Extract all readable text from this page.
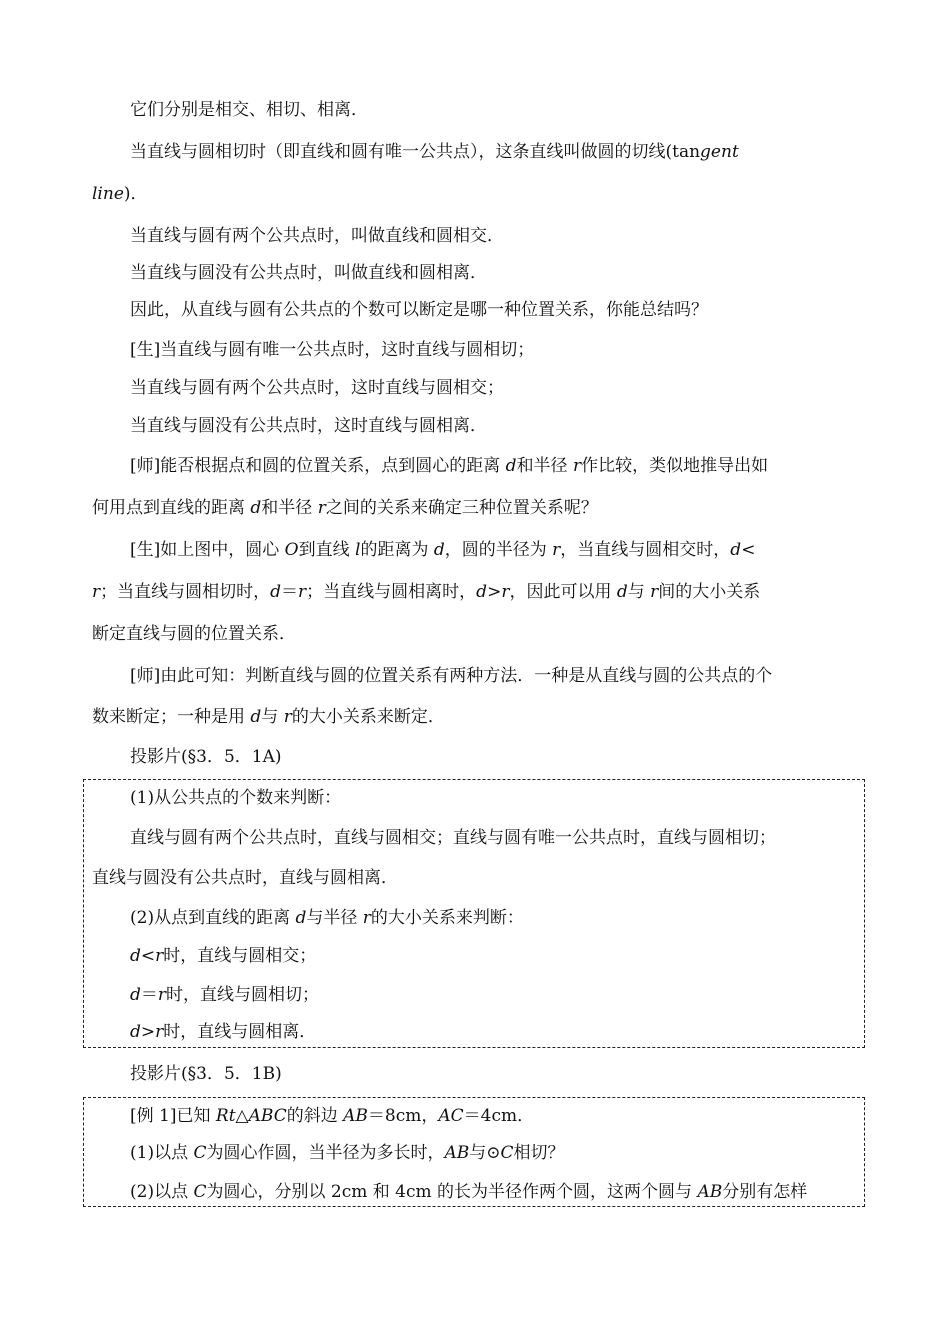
它们分别是相交、相切、相离．
当直线与圆相切时（即直线和圆有唯一公共点），这条直线叫做圆的切线(tangent
line)．
当直线与圆有两个公共点时，叫做直线和圆相交．
当直线与圆没有公共点时，叫做直线和圆相离．
因此，从直线与圆有公共点的个数可以断定是哪一种位置关系，你能总结吗？
[生]当直线与圆有唯一公共点时，这时直线与圆相切；
当直线与圆有两个公共点时，这时直线与圆相交；
当直线与圆没有公共点时，这时直线与圆相离．
[师]能否根据点和圆的位置关系，点到圆心的距离 d和半径 r作比较，类似地推导出如
何用点到直线的距离 d和半径 r之间的关系来确定三种位置关系呢？
[生]如上图中，圆心 O到直线 l的距离为 d，圆的半径为 r，当直线与圆相交时，d<
r；当直线与圆相切时，d＝r；当直线与圆相离时，d>r，因此可以用 d与 r间的大小关系
断定直线与圆的位置关系．
[师]由此可知：判断直线与圆的位置关系有两种方法．一种是从直线与圆的公共点的个
数来断定；一种是用 d与 r的大小关系来断定．
投影片(§3．5．1A)
(1)从公共点的个数来判断：
直线与圆有两个公共点时，直线与圆相交；直线与圆有唯一公共点时，直线与圆相切；
直线与圆没有公共点时，直线与圆相离．
(2)从点到直线的距离 d与半径 r的大小关系来判断：
d<r时，直线与圆相交；
d＝r时，直线与圆相切；
d>r时，直线与圆相离．
投影片(§3．5．1B)
[例 1]已知 Rt△ABC的斜边 AB＝8cm，AC＝4cm．
(1)以点 C为圆心作圆，当半径为多长时，AB与⊙C相切？
(2)以点 C为圆心，分别以 2cm 和 4cm 的长为半径作两个圆，这两个圆与 AB分别有怎样
